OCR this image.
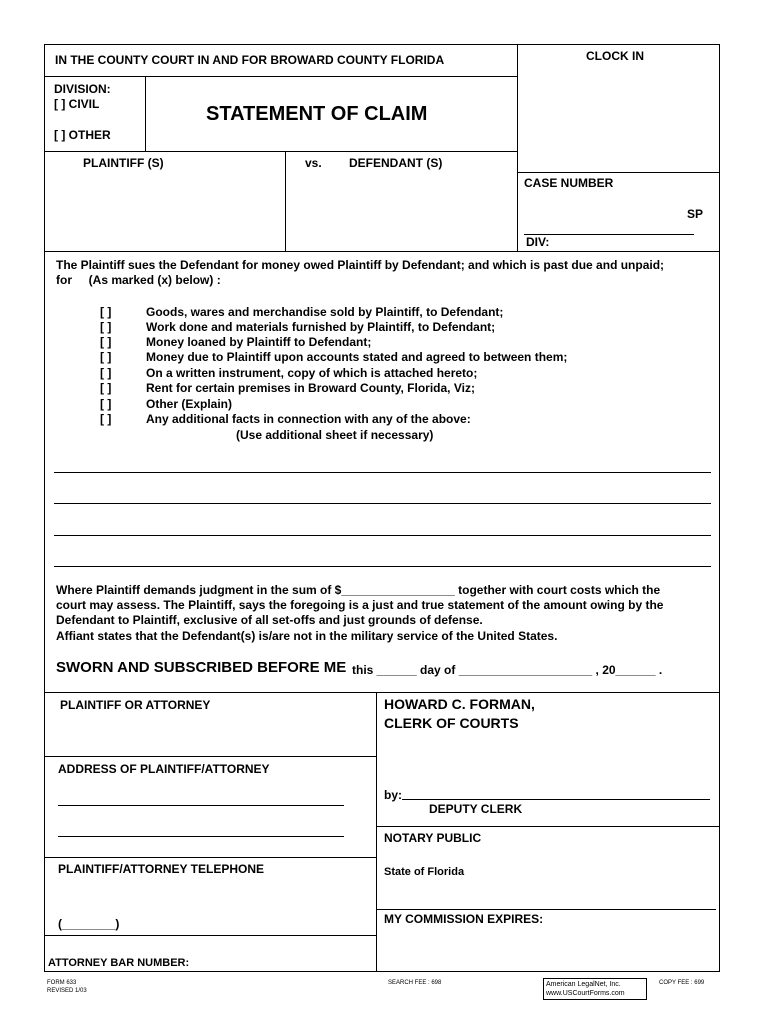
IN THE COUNTY COURT IN AND FOR BROWARD COUNTY FLORIDA	CLOCK IN
DIVISION:
[ ] CIVIL
[ ] OTHER
STATEMENT OF CLAIM
PLAINTIFF (S)	vs. DEFENDANT (S)
CASE NUMBER
SP
DIV:
The Plaintiff sues the Defendant for money owed Plaintiff by Defendant; and which is past due and unpaid;
for     (As marked (x) below) :
[ ]	Goods, wares and merchandise sold by Plaintiff, to Defendant;
[ ]	Work done and materials furnished by Plaintiff, to Defendant;
[ ]	Money loaned by Plaintiff to Defendant;
[ ]	Money due to Plaintiff upon accounts stated and agreed to between them;
[ ]	On a written instrument, copy of which is attached hereto;
[ ]	Rent for certain premises in Broward County, Florida, Viz;
[ ]	Other (Explain)
[ ]	Any additional facts in connection with any of the above:
(Use additional sheet if necessary)
Where Plaintiff demands judgment in the sum of $_________________ together with court costs which the
court may assess. The Plaintiff, says the foregoing is a just and true statement of the amount owing by the
Defendant to Plaintiff, exclusive of all set-offs and just grounds of defense.
Affiant states that the Defendant(s) is/are not in the military service of the United States.
SWORN AND SUBSCRIBED BEFORE ME this ______ day of ____________________ , 20______ .
PLAINTIFF OR ATTORNEY	HOWARD C. FORMAN,
CLERK OF COURTS
ADDRESS OF PLAINTIFF/ATTORNEY
by:
DEPUTY CLERK
NOTARY PUBLIC
PLAINTIFF/ATTORNEY TELEPHONE	State of Florida
(________)	MY COMMISSION EXPIRES:
ATTORNEY BAR NUMBER:
FORM 633
REVISED 1/03
SEARCH FEE : 698	American LegalNet, Inc.
www.USCourtForms.com
COPY FEE : 699
